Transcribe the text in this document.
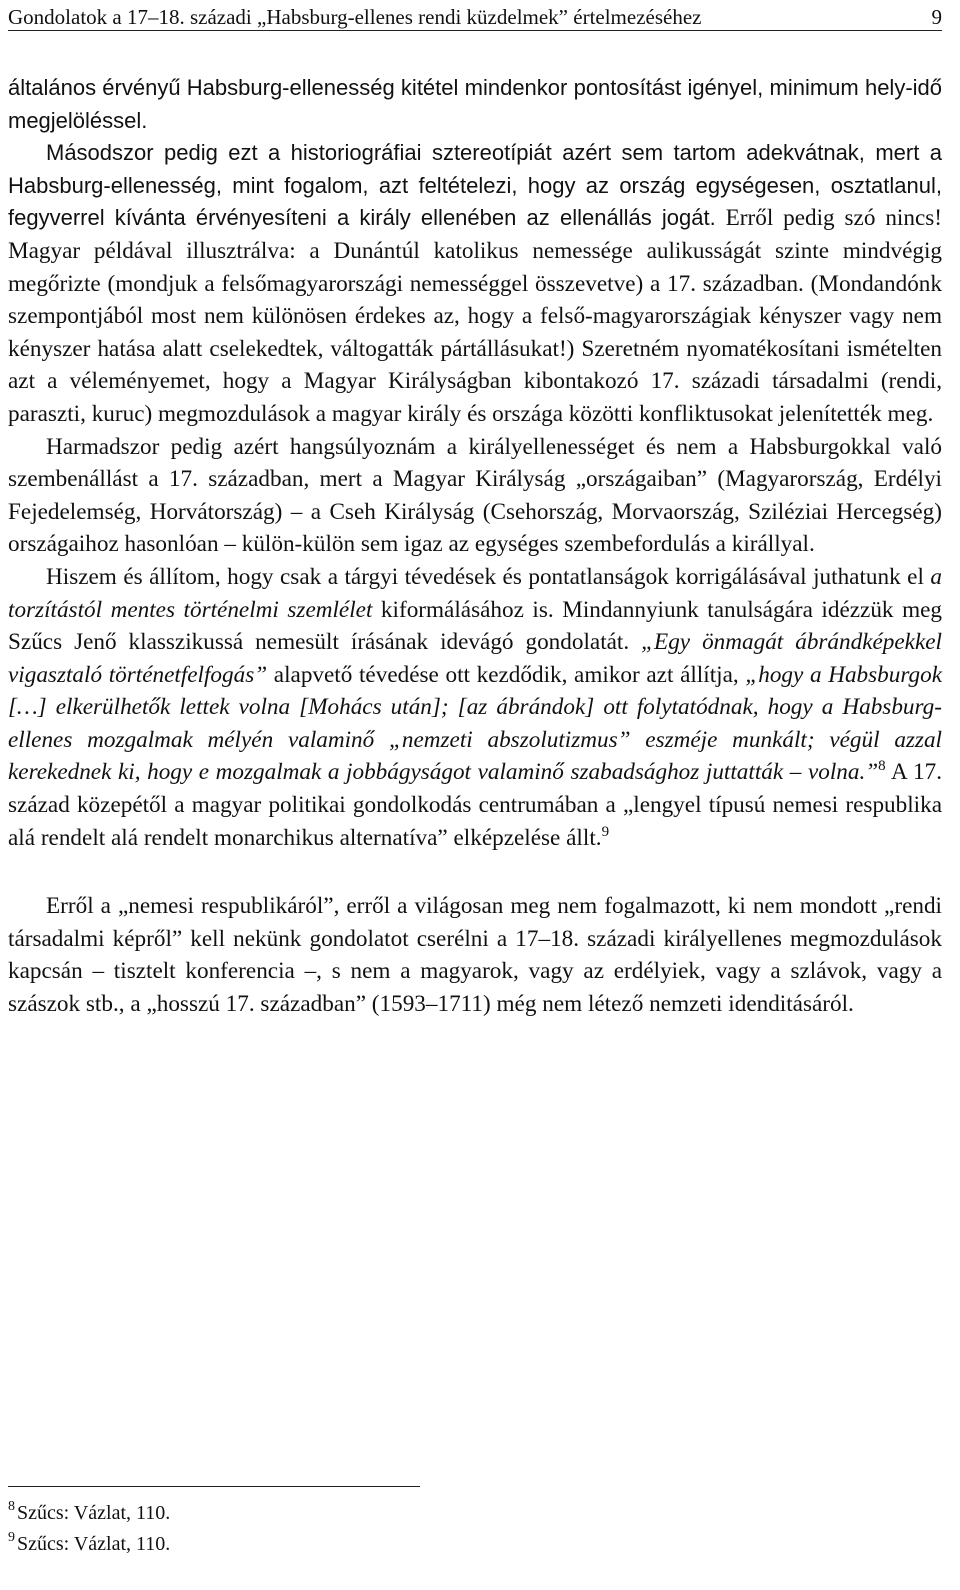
Gondolatok a 17–18. századi „Habsburg-ellenes rendi küzdelmek” értelmezéséhez	9

általános érvényű Habsburg-ellenesség kitétel mindenkor pontosítást igényel, minimum hely-idő megjelöléssel.

Másodszor pedig ezt a historiográfiai sztereotípiát azért sem tartom adekvátnak, mert a Habsburg-ellenesség, mint fogalom, azt feltételezi, hogy az ország egységesen, osztatlanul, fegyverrel kívánta érvényesíteni a király ellenében az ellenállás jogát. Erről pedig szó nincs! Magyar példával illusztrálva: a Dunántúl katolikus nemessége aulikusságát szinte mindvégig megőrizte (mondjuk a felsőmagyarországi nemességgel összevetve) a 17. században. (Mondandónk szempontjából most nem különösen érdekes az, hogy a felső-magyarországiak kényszer vagy nem kényszer hatása alatt cselekedtek, váltogatták pártállásukat!) Szeretném nyomatékosítani ismételten azt a véleményemet, hogy a Magyar Királyságban kibontakozó 17. századi társadalmi (rendi, paraszti, kuruc) megmozdulások a magyar király és országa közötti konfliktusokat jelenítették meg.

Harmadszor pedig azért hangsúlyoznám a királyellenességet és nem a Habsburgokkal való szembenállást a 17. században, mert a Magyar Királyság „országaiban” (Magyarország, Erdélyi Fejedelemség, Horvátország) – a Cseh Királyság (Csehország, Morvaország, Sziléziai Hercegség) országaihoz hasonlóan – külön-külön sem igaz az egységes szembefordulás a királlyal.

Hiszem és állítom, hogy csak a tárgyi tévedések és pontatlanságok korrigálásával juthatunk el a torzítástól mentes történelmi szemlélet kiformálásához is. Mindannyiunk tanulságára idézzük meg Szűcs Jenő klasszikussá nemesült írásának idevágó gondolatát. „Egy önmagát ábrándképekkel vigasztaló történetfelfogás” alapvető tévedése ott kezdődik, amikor azt állítja, „hogy a Habsburgok […] elkerülhetők lettek volna [Mohács után]; [az ábrándok] ott folytatódnak, hogy a Habsburg-ellenes mozgalmak mélyén valaminő „nemzeti abszolutizmus” eszméje munkált; végül azzal kerekednek ki, hogy e mozgalmak a jobbágyságot valaminő szabadsághoz juttatták – volna.”$^8$ A 17. század közepétől a magyar politikai gondolkodás centrumában a „lengyel típusú nemesi respublika alá rendelt alá rendelt monarchikus alternatíva” elképzelése állt.$^9$

Erről a „nemesi respublikáról”, erről a világosan meg nem fogalmazott, ki nem mondott „rendi társadalmi képről” kell nekünk gondolatot cserélni a 17–18. századi királyellenes megmozdulások kapcsán – tisztelt konferencia –, s nem a magyarok, vagy az erdélyiek, vagy a szlávok, vagy a szászok stb., a „hosszú 17. században” (1593–1711) még nem létező nemzeti idenditásáról.

$^8$ Szűcs: Vázlat, 110.
$^9$ Szűcs: Vázlat, 110.
